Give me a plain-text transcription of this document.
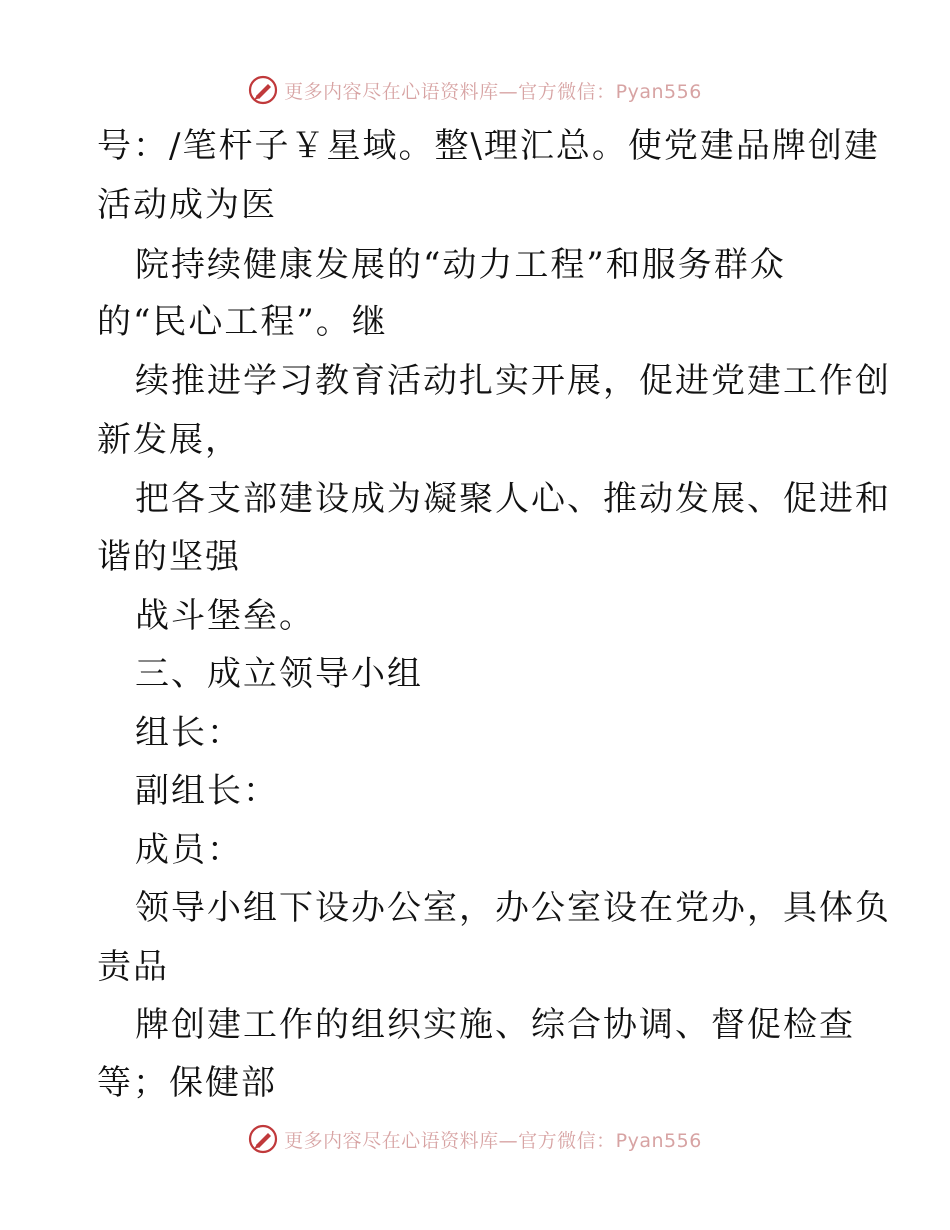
更多内容尽在心语资料库—官方微信：Pyan556
号：/笔杆子￥星域。整\理汇总。使党建品牌创建
活动成为医
院持续健康发展的“动力工程”和服务群众
的“民心工程”。继
续推进学习教育活动扎实开展，促进党建工作创
新发展，
把各支部建设成为凝聚人心、推动发展、促进和
谐的坚强
战斗堡垒。
三、成立领导小组
组长：
副组长：
成员：
领导小组下设办公室，办公室设在党办，具体负
责品
牌创建工作的组织实施、综合协调、督促检查
等；保健部
更多内容尽在心语资料库—官方微信：Pyan556
